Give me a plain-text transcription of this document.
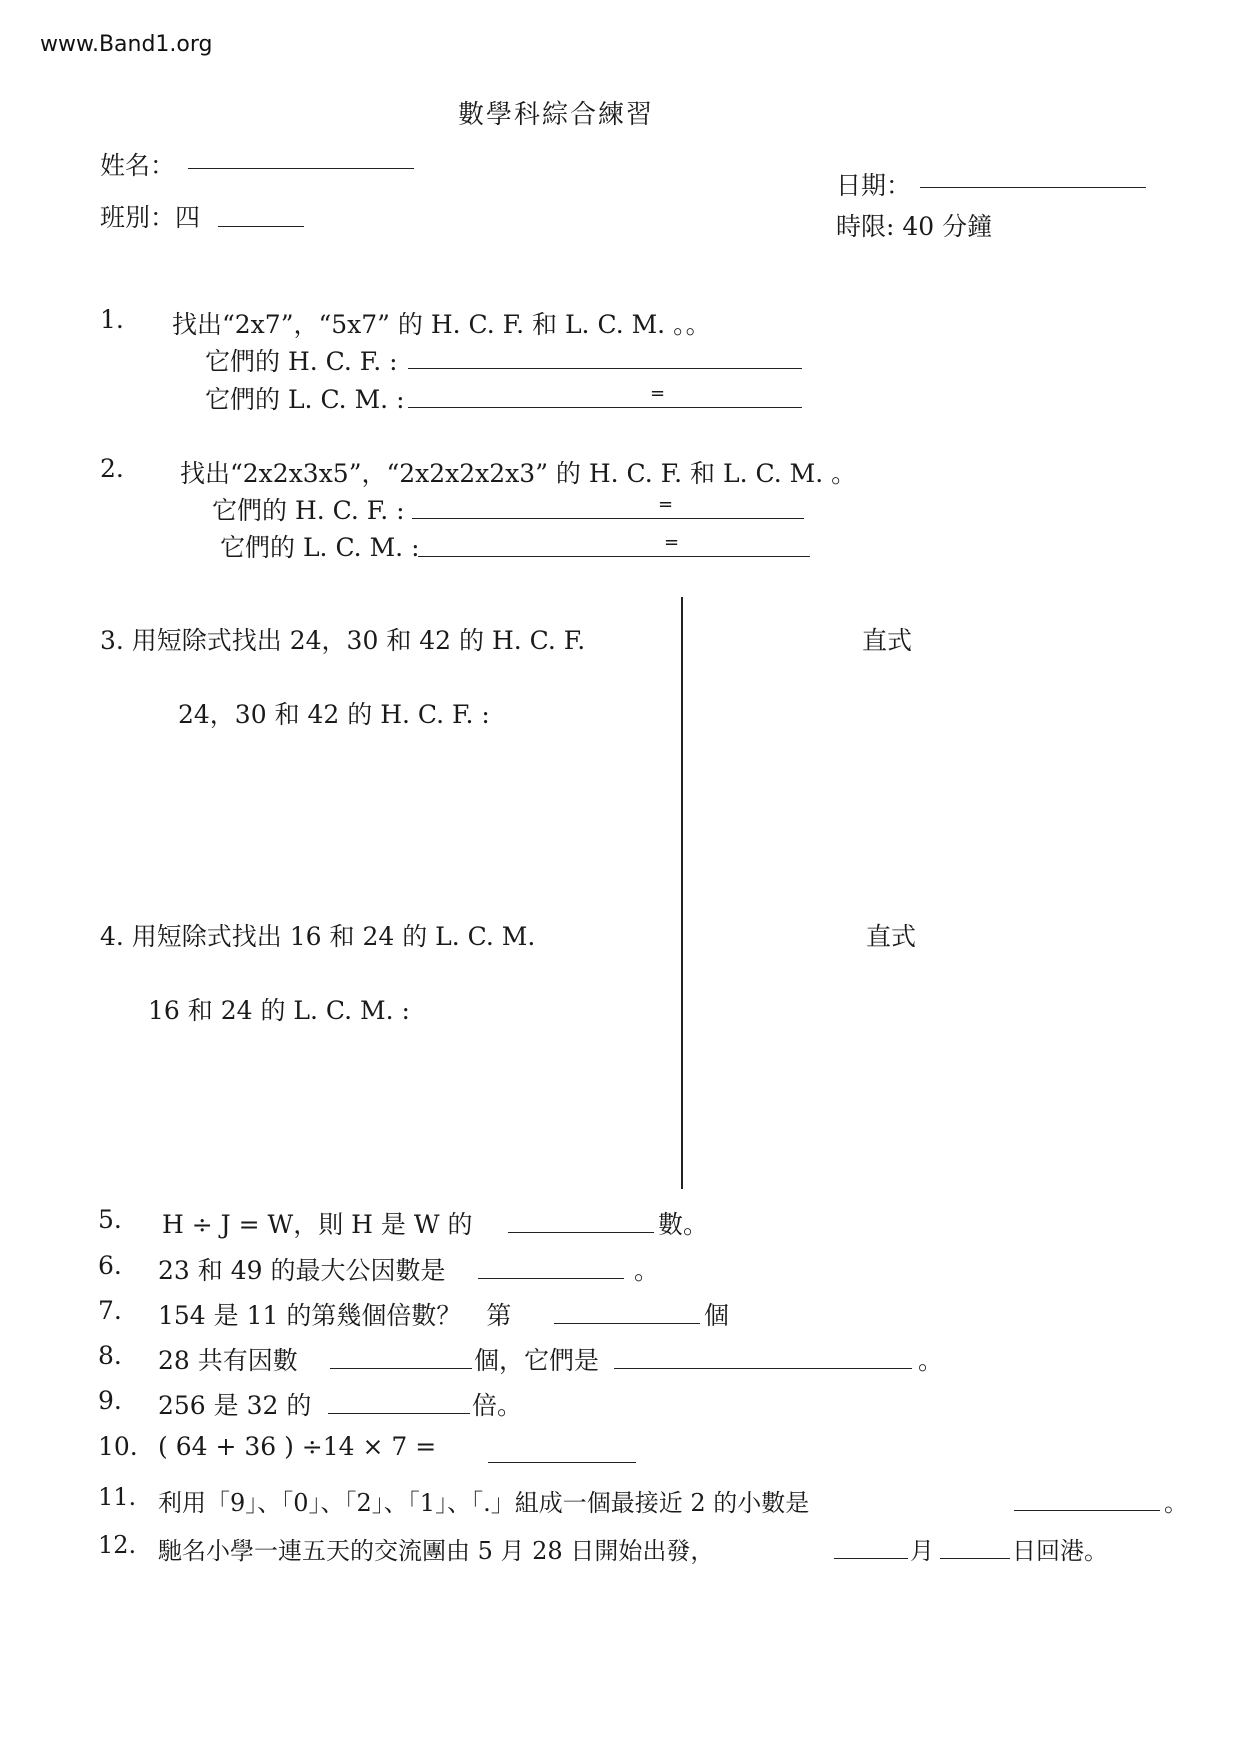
www.Band1.org
數學科綜合練習
姓名：
日期：
班別：四	時限: 40 分鐘
1. 找出“2x7”，“5x7” 的 H. C. F. 和 L. C. M. 。。
它們的 H. C. F. :
它們的 L. C. M. :	=
2. 找出“2x2x3x5”，“2x2x2x2x3” 的 H. C. F. 和 L. C. M. 。
它們的 H. C. F. :	=
它們的 L. C. M. :	=
3. 用短除式找出 24，30 和 42 的 H. C. F.	直式
24，30 和 42 的 H. C. F. :
4. 用短除式找出 16 和 24 的 L. C. M.	直式
16 和 24 的 L. C. M. :
5. H ÷ J = W，則 H 是 W 的	數。
6. 23 和 49 的最大公因數是	。
7. 154 是 11 的第幾個倍數？　第	個
8. 28 共有因數	個，它們是	。
9. 256 是 32 的	倍。
10. ( 64 + 36 ) ÷14 × 7 =
11. 利用「9」、「0」、「2」、「1」、「.」組成一個最接近 2 的小數是	。
12. 馳名小學一連五天的交流團由 5 月 28 日開始出發，	月	日回港。
